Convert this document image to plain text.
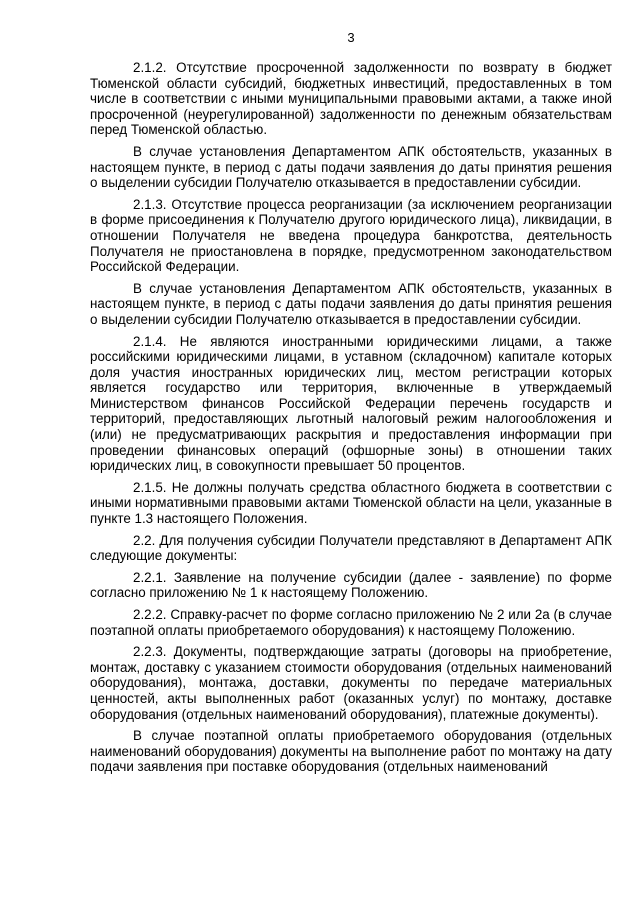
3

2.1.2. Отсутствие просроченной задолженности по возврату в бюджет Тюменской области субсидий, бюджетных инвестиций, предоставленных в том числе в соответствии с иными муниципальными правовыми актами, а также иной просроченной (неурегулированной) задолженности по денежным обязательствам перед Тюменской областью.

В случае установления Департаментом АПК обстоятельств, указанных в настоящем пункте, в период с даты подачи заявления до даты принятия решения о выделении субсидии Получателю отказывается в предоставлении субсидии.

2.1.3. Отсутствие процесса реорганизации (за исключением реорганизации в форме присоединения к Получателю другого юридического лица), ликвидации, в отношении Получателя не введена процедура банкротства, деятельность Получателя не приостановлена в порядке, предусмотренном законодательством Российской Федерации.

В случае установления Департаментом АПК обстоятельств, указанных в настоящем пункте, в период с даты подачи заявления до даты принятия решения о выделении субсидии Получателю отказывается в предоставлении субсидии.

2.1.4. Не являются иностранными юридическими лицами, а также российскими юридическими лицами, в уставном (складочном) капитале которых доля участия иностранных юридических лиц, местом регистрации которых является государство или территория, включенные в утверждаемый Министерством финансов Российской Федерации перечень государств и территорий, предоставляющих льготный налоговый режим налогообложения и (или) не предусматривающих раскрытия и предоставления информации при проведении финансовых операций (офшорные зоны) в отношении таких юридических лиц, в совокупности превышает 50 процентов.

2.1.5. Не должны получать средства областного бюджета в соответствии с иными нормативными правовыми актами Тюменской области на цели, указанные в пункте 1.3 настоящего Положения.

2.2. Для получения субсидии Получатели представляют в Департамент АПК следующие документы:

2.2.1. Заявление на получение субсидии (далее - заявление) по форме согласно приложению № 1 к настоящему Положению.

2.2.2. Справку-расчет по форме согласно приложению № 2 или 2а (в случае поэтапной оплаты приобретаемого оборудования) к настоящему Положению.

2.2.3. Документы, подтверждающие затраты (договоры на приобретение, монтаж, доставку с указанием стоимости оборудования (отдельных наименований оборудования), монтажа, доставки, документы по передаче материальных ценностей, акты выполненных работ (оказанных услуг) по монтажу, доставке оборудования (отдельных наименований оборудования), платежные документы).

В случае поэтапной оплаты приобретаемого оборудования (отдельных наименований оборудования) документы на выполнение работ по монтажу на дату подачи заявления при поставке оборудования (отдельных наименований
